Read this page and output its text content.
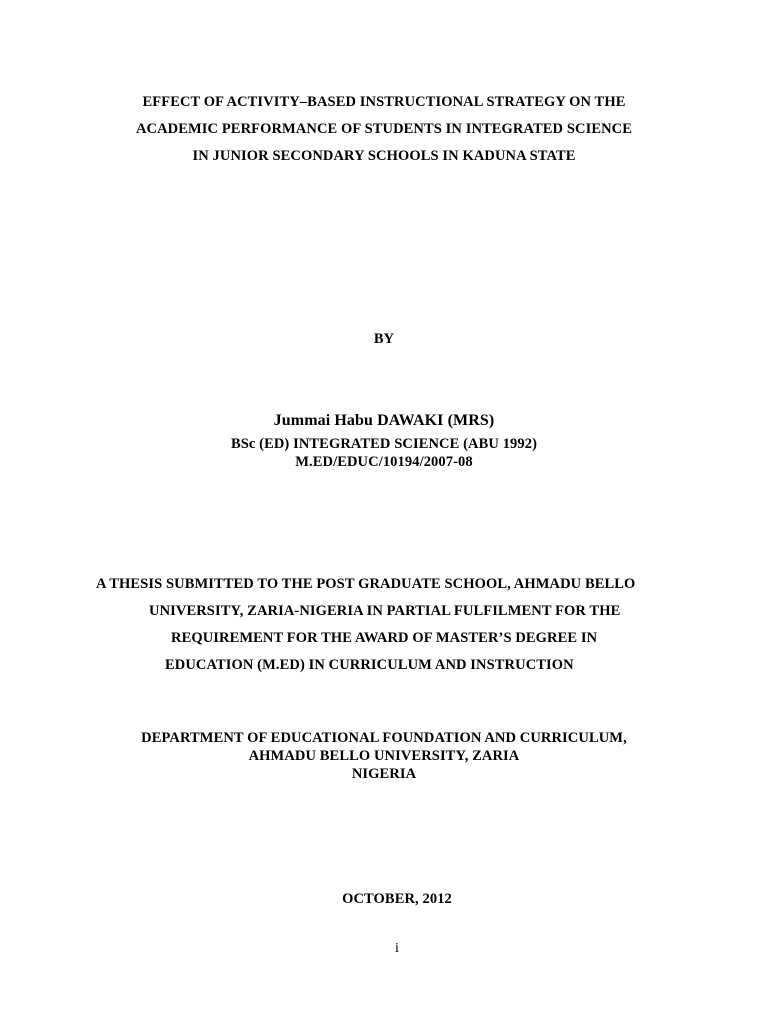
EFFECT OF ACTIVITY–BASED INSTRUCTIONAL STRATEGY ON THE
ACADEMIC PERFORMANCE OF STUDENTS IN INTEGRATED SCIENCE
IN JUNIOR SECONDARY SCHOOLS IN KADUNA STATE
BY
Jummai Habu DAWAKI (MRS)
BSc (ED) INTEGRATED SCIENCE (ABU 1992)
M.ED/EDUC/10194/2007-08
A THESIS SUBMITTED TO THE POST GRADUATE SCHOOL, AHMADU BELLO
UNIVERSITY, ZARIA-NIGERIA IN PARTIAL FULFILMENT FOR THE
REQUIREMENT FOR THE AWARD OF MASTER’S DEGREE IN
EDUCATION (M.ED) IN CURRICULUM AND INSTRUCTION
DEPARTMENT OF EDUCATIONAL FOUNDATION AND CURRICULUM,
AHMADU BELLO UNIVERSITY, ZARIA
NIGERIA
OCTOBER, 2012
i
